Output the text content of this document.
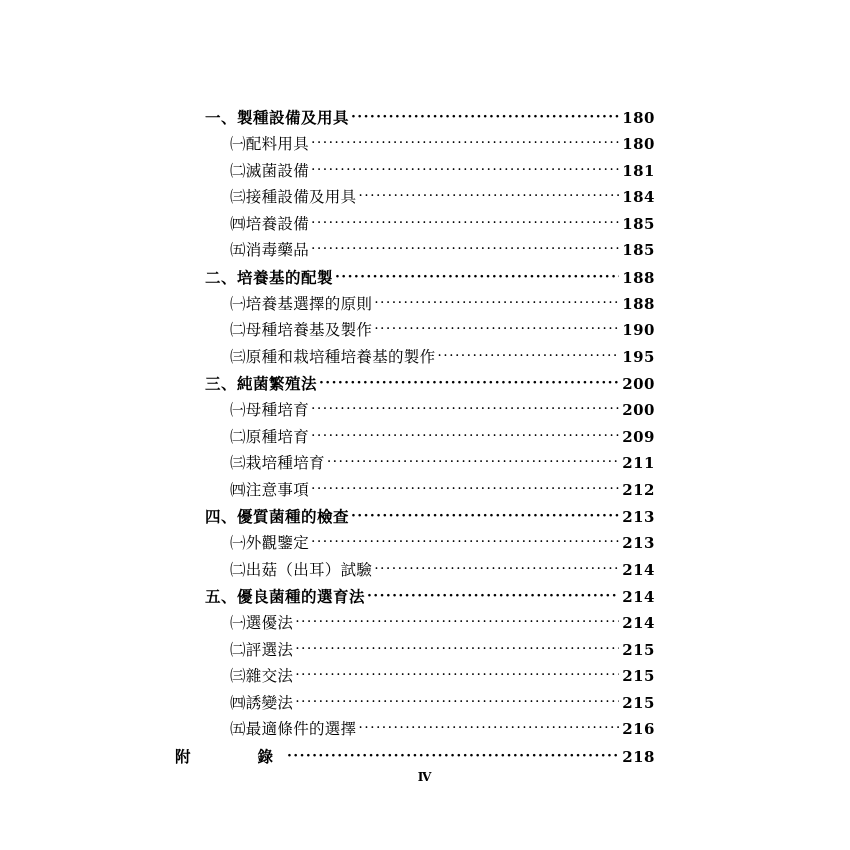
一、製種設備及用具 ·····	180
㈠配料用具 ·····	180
㈡滅菌設備 ·····	181
㈢接種設備及用具 ·····	184
㈣培養設備 ·····	185
㈤消毒藥品 ·····	185
二、培養基的配製 ·····	188
㈠培養基選擇的原則 ·····	188
㈡母種培養基及製作 ·····	190
㈢原種和栽培種培養基的製作 ·····	195
三、純菌繁殖法 ·····	200
㈠母種培育 ·····	200
㈡原種培育 ·····	209
㈢栽培種培育 ·····	211
㈣注意事項 ·····	212
四、優質菌種的檢查 ·····	213
㈠外觀鑒定 ·····	213
㈡出菇（出耳）試驗 ·····	214
五、優良菌種的選育法 ·····	214
㈠選優法 ·····	214
㈡評選法 ·····	215
㈢雜交法 ·····	215
㈣誘變法 ·····	215
㈤最適條件的選擇 ·····	216
附　　錄 ·····	218
Ⅳ
